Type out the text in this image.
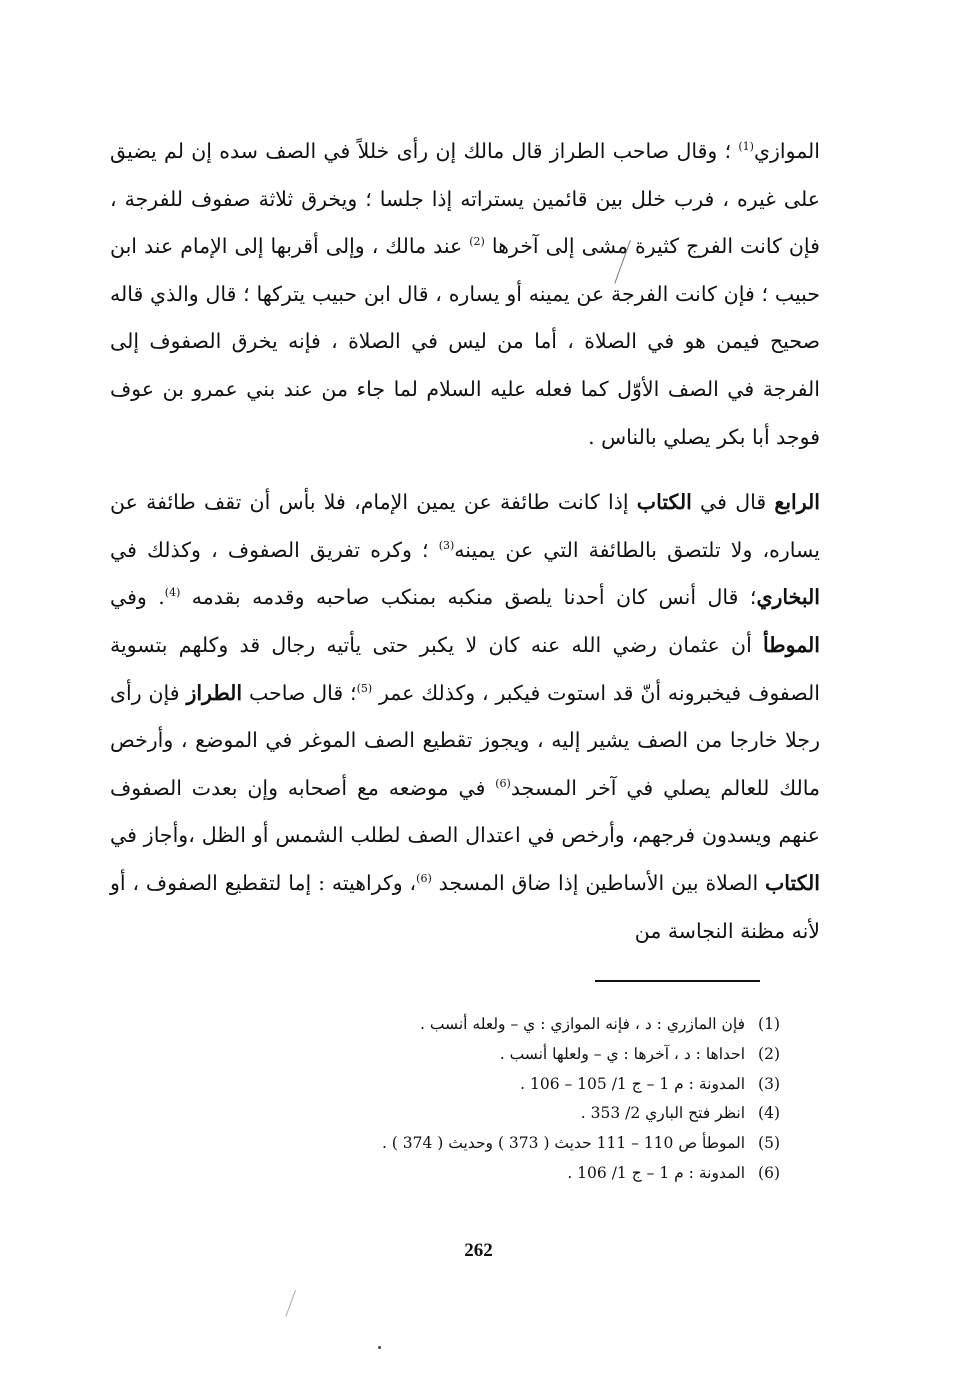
الموازي$^{(1)}$ ؛ وقال صاحب الطراز قال مالك إن رأى خللاً في الصف سده إن لم يضيق على غيره ، فرب خلل بين قائمين يستراته إذا جلسا ؛ ويخرق ثلاثة صفوف للفرجة ، فإن كانت الفرج كثيرة مشى إلى آخرها $^{(2)}$ عند مالك ، وإلى أقربها إلى الإمام عند ابن حبيب ؛ فإن كانت الفرجة عن يمينه أو يساره ، قال ابن حبيب يتركها ؛ قال والذي قاله صحيح فيمن هو في الصلاة ، أما من ليس في الصلاة ، فإنه يخرق الصفوف إلى الفرجة في الصف الأوّل كما فعله عليه السلام لما جاء من عند بني عمرو بن عوف فوجد أبا بكر يصلي بالناس .

الرابع قال في الكتاب إذا كانت طائفة عن يمين الإمام، فلا بأس أن تقف طائفة عن يساره، ولا تلتصق بالطائفة التي عن يمينه$^{(3)}$ ؛ وكره تفريق الصفوف ، وكذلك في البخاري؛ قال أنس كان أحدنا يلصق منكبه بمنكب صاحبه وقدمه بقدمه $^{(4)}$. وفي الموطأ أن عثمان رضي الله عنه كان لا يكبر حتى يأتيه رجال قد وكلهم بتسوية الصفوف فيخبرونه أنّ قد استوت فيكبر ، وكذلك عمر $^{(5)}$؛ قال صاحب الطراز فإن رأى رجلا خارجا من الصف يشير إليه ، ويجوز تقطيع الصف الموغر في الموضع ، وأرخص مالك للعالم يصلي في آخر المسجد$^{(6)}$ في موضعه مع أصحابه وإن بعدت الصفوف عنهم ويسدون فرجهم، وأرخص في اعتدال الصف لطلب الشمس أو الظل ،وأجاز في الكتاب الصلاة بين الأساطين إذا ضاق المسجد $^{(6)}$، وكراهيته : إما لتقطيع الصفوف ، أو لأنه مظنة النجاسة من

(1) فإن المازري : د ، فإنه الموازي : ي – ولعله أنسب .
(2) احداها : د ، آخرها : ي – ولعلها أنسب .
(3) المدونة : م 1 – ج 1/ 105 – 106 .
(4) انظر فتح الباري 2/ 353 .
(5) الموطأ ص 110 – 111 حديث ( 373 ) وحديث ( 374 ) .
(6) المدونة : م 1 – ج 1/ 106 .
262
